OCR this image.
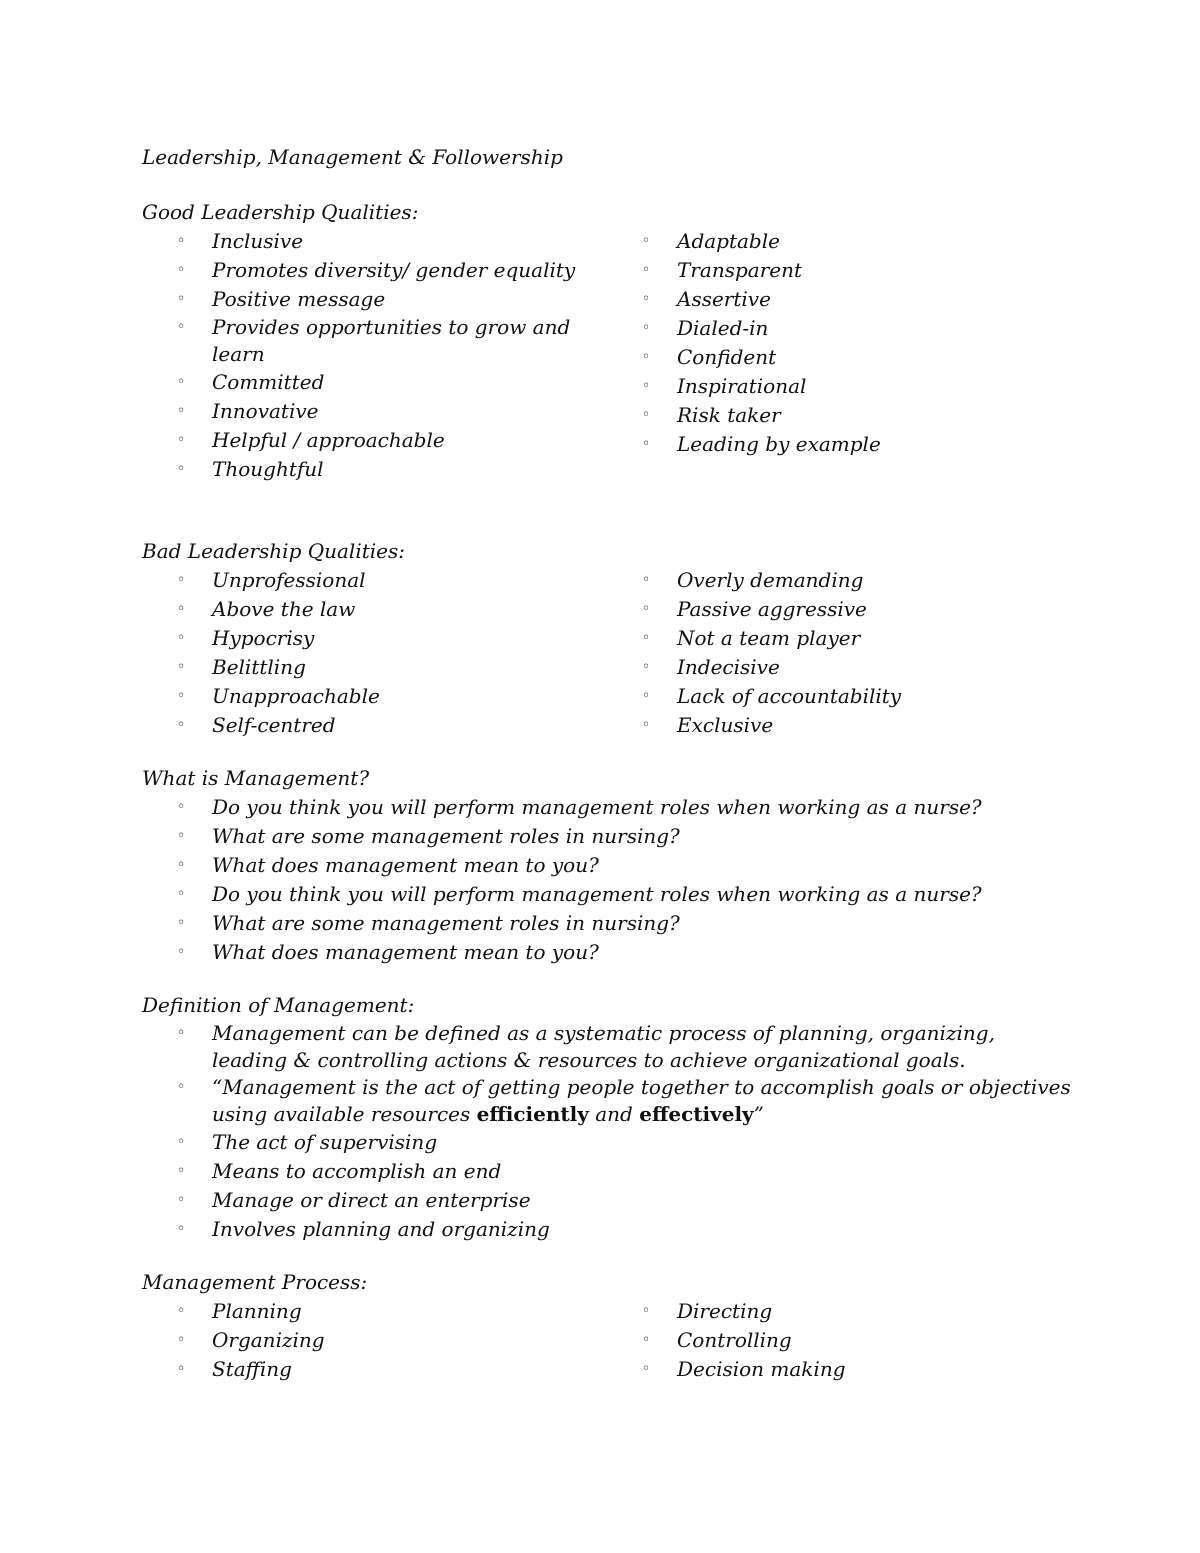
Leadership, Management & Followership
Good Leadership Qualities:
◦ Inclusive
◦ Promotes diversity/ gender equality
◦ Positive message
◦ Provides opportunities to grow and learn
◦ Committed
◦ Innovative
◦ Helpful / approachable
◦ Thoughtful
◦ Adaptable
◦ Transparent
◦ Assertive
◦ Dialed-in
◦ Confident
◦ Inspirational
◦ Risk taker
◦ Leading by example
Bad Leadership Qualities:
◦ Unprofessional
◦ Above the law
◦ Hypocrisy
◦ Belittling
◦ Unapproachable
◦ Self-centred
◦ Overly demanding
◦ Passive aggressive
◦ Not a team player
◦ Indecisive
◦ Lack of accountability
◦ Exclusive
What is Management?
◦ Do you think you will perform management roles when working as a nurse?
◦ What are some management roles in nursing?
◦ What does management mean to you?
◦ Do you think you will perform management roles when working as a nurse?
◦ What are some management roles in nursing?
◦ What does management mean to you?
Definition of Management:
◦ Management can be defined as a systematic process of planning, organizing, leading & controlling actions & resources to achieve organizational goals.
◦ “Management is the act of getting people together to accomplish goals or objectives using available resources efficiently and effectively”
◦ The act of supervising
◦ Means to accomplish an end
◦ Manage or direct an enterprise
◦ Involves planning and organizing
Management Process:
◦ Planning
◦ Organizing
◦ Staffing
◦ Directing
◦ Controlling
◦ Decision making
